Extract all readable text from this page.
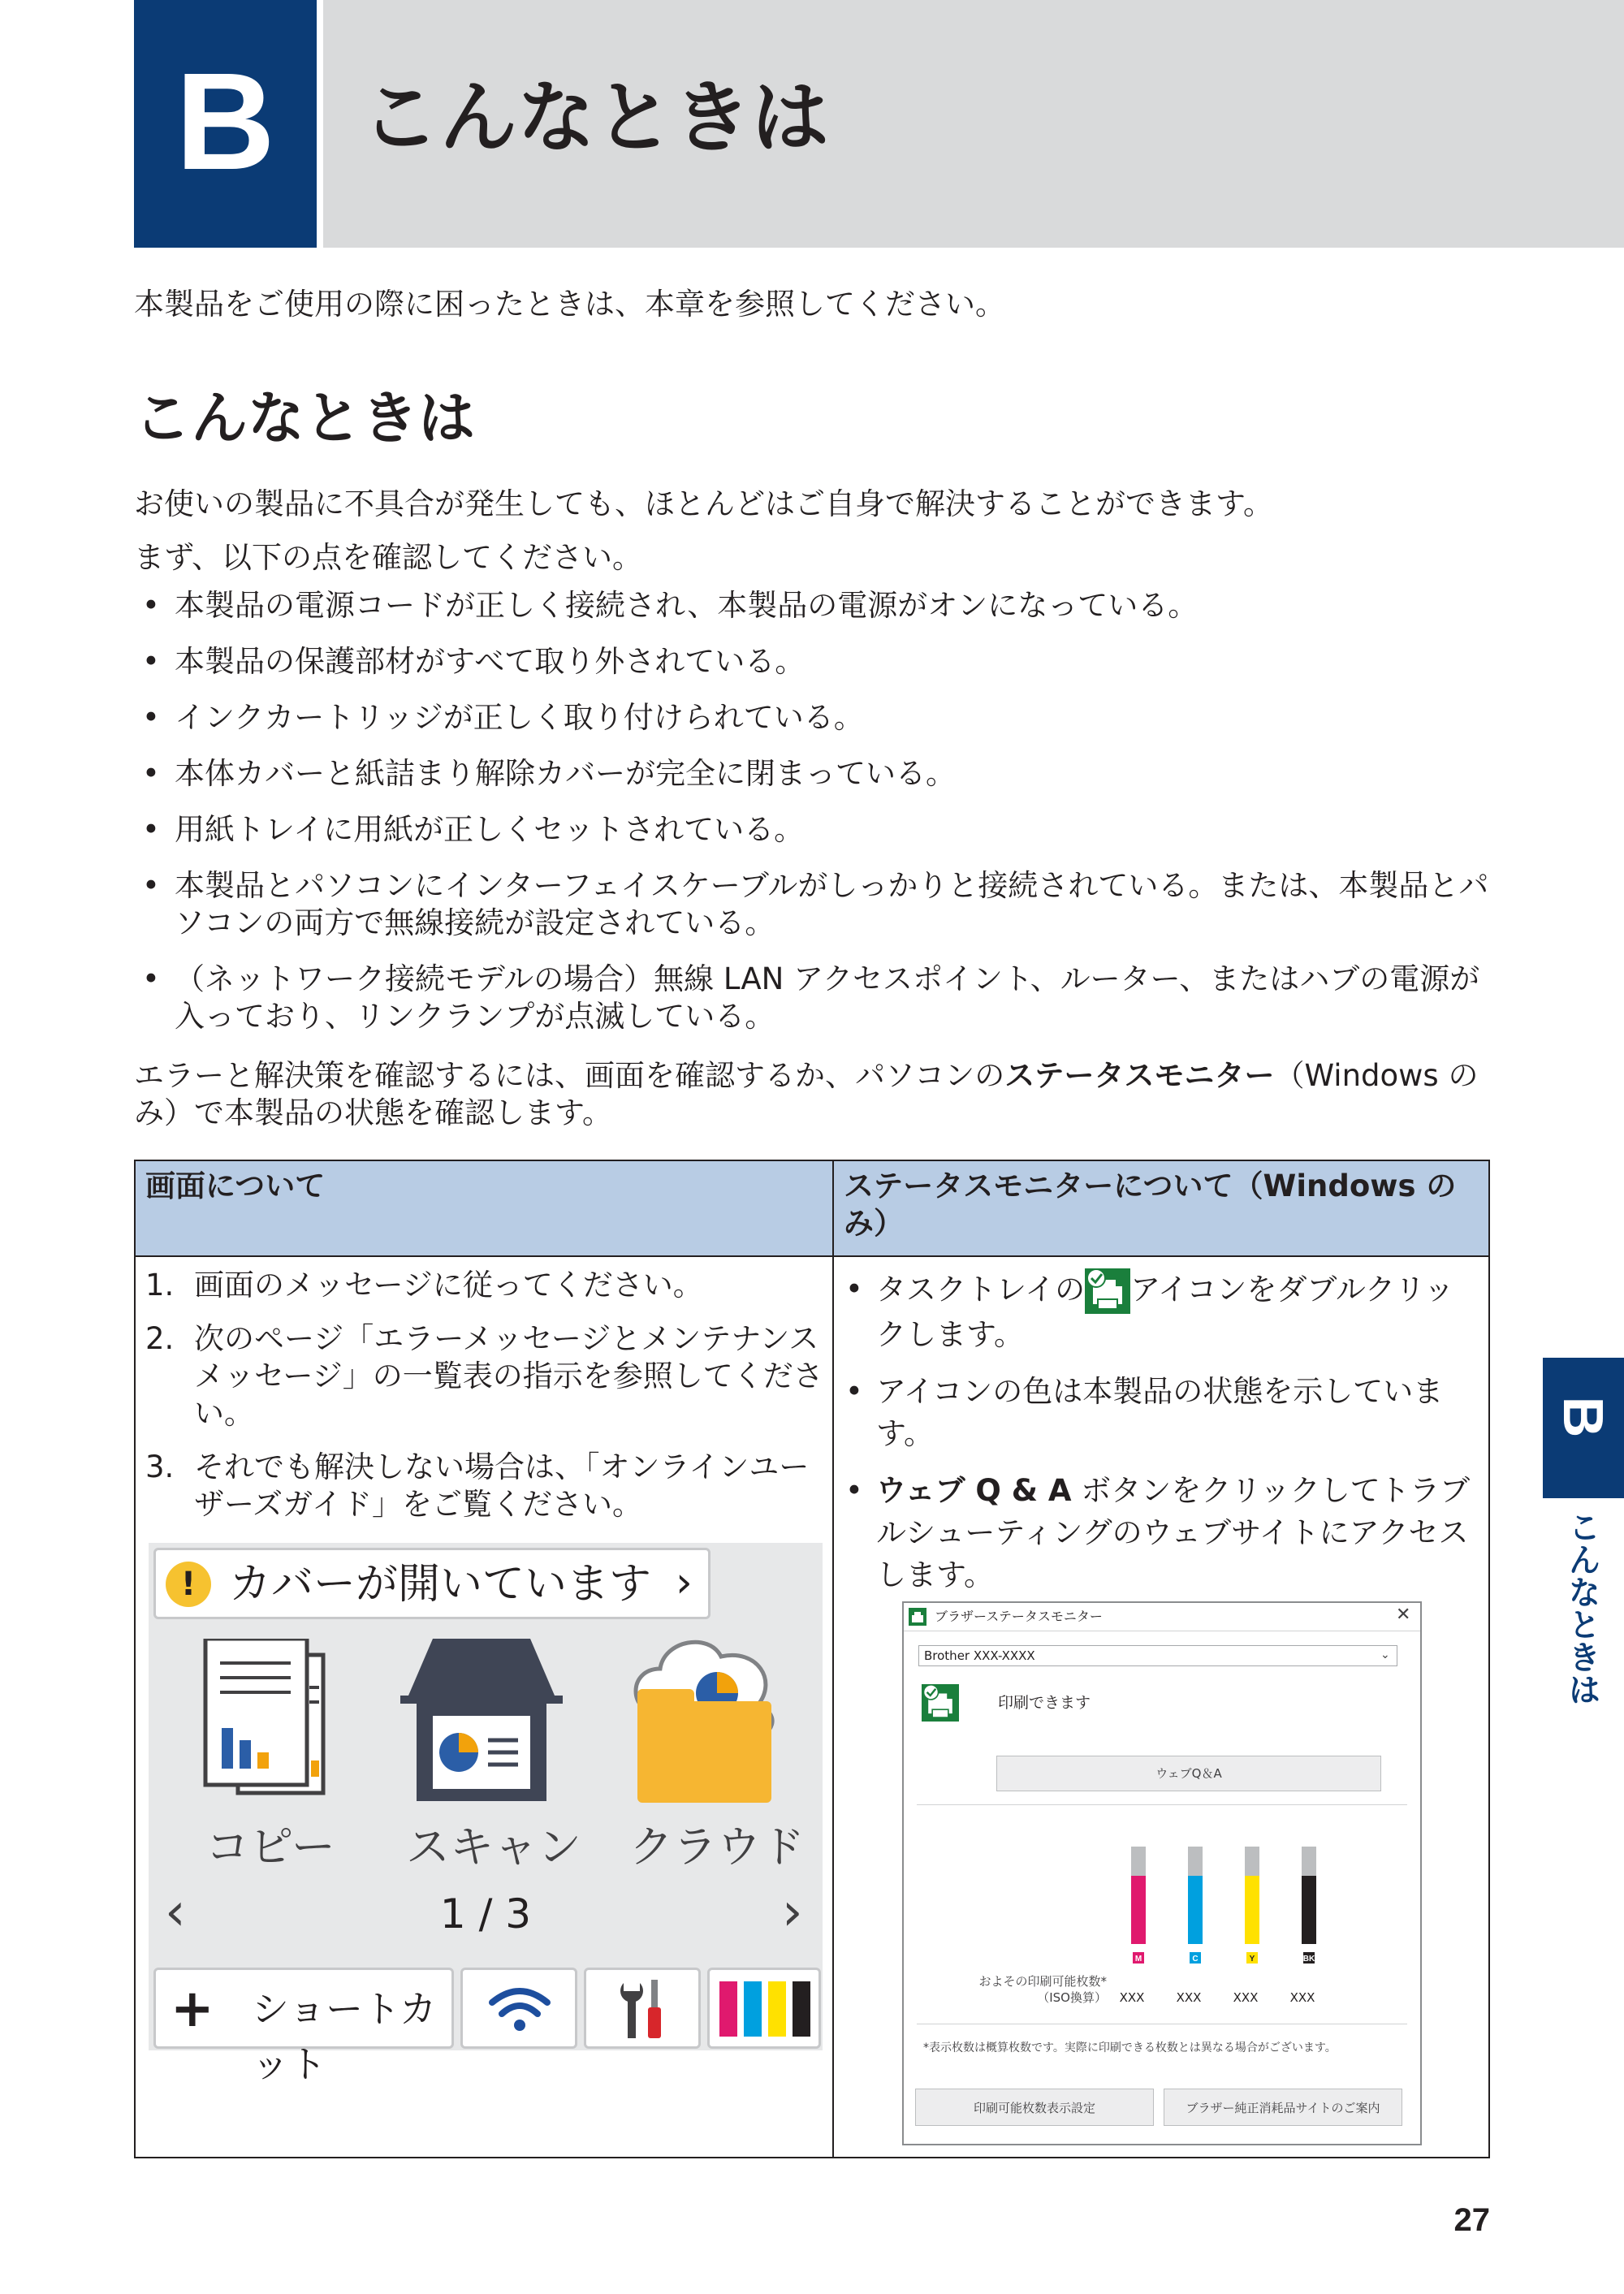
B	こんなときは
本製品をご使用の際に困ったときは、本章を参照してください。
こんなときは
お使いの製品に不具合が発生しても、ほとんどはご自身で解決することができます。
まず、以下の点を確認してください。
• 本製品の電源コードが正しく接続され、本製品の電源がオンになっている。
• 本製品の保護部材がすべて取り外されている。
• インクカートリッジが正しく取り付けられている。
• 本体カバーと紙詰まり解除カバーが完全に閉まっている。
• 用紙トレイに用紙が正しくセットされている。
• 本製品とパソコンにインターフェイスケーブルがしっかりと接続されている。または、本製品とパソコンの両方で無線接続が設定されている。
• （ネットワーク接続モデルの場合）無線 LAN アクセスポイント、ルーター、またはハブの電源が入っており、リンクランプが点滅している。
エラーと解決策を確認するには、画面を確認するか、パソコンのステータスモニター（Windows のみ）で本製品の状態を確認します。
画面について	ステータスモニターについて（Windows のみ）
1. 画面のメッセージに従ってください。
2. 次のページ「エラーメッセージとメンテナンスメッセージ」の一覧表の指示を参照してください。
3. それでも解決しない場合は、「オンラインユーザーズガイド」をご覧ください。
! カバーが開いています ›
コピー	スキャン クラウド
‹	1 / 3	›
+ ショートカット
• タスクトレイの アイコンをダブルクリックします。
• アイコンの色は本製品の状態を示しています。
• ウェブ Q & A ボタンをクリックしてトラブルシューティングのウェブサイトにアクセスします。
ブラザーステータスモニター	✕
Brother XXX-XXXX	⌄
印刷できます
ウェブQ＆A
M	C	Y	BK
およその印刷可能枚数*
（ISO換算）	XXX	XXX	XXX	XXX
*表示枚数は概算枚数です。実際に印刷できる枚数とは異なる場合がございます。
印刷可能枚数表示設定	ブラザー純正消耗品サイトのご案内
B
こんなときは
27
